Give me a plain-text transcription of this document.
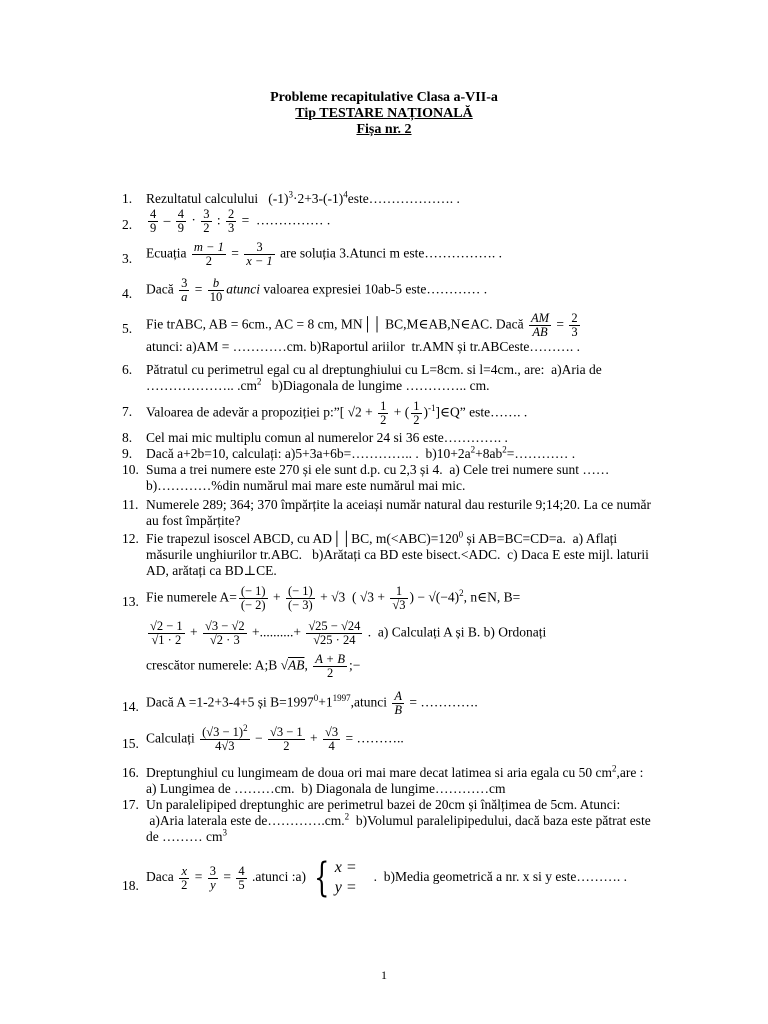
Probleme recapitulative Clasa a-VII-a
Tip TESTARE NAȚIONALĂ
Fișa nr. 2
1.	Rezultatul calculului   $(-1)^3\cdot 2+3-(-1)^4este\dots\dots\dots\dots\dots\dots$. .
2.	$\frac{4}{9} - \frac{4}{9} \cdot \frac{3}{2}$ : $\frac{2}{3}$ =  …………… .
3.	Ecuația $\frac{m - 1}{2} = \frac{3}{x - 1}$ are soluția 3.Atunci m este……………. .
4.	Dacă $\frac{3}{a} = \frac{b}{10}$ atunci valoarea expresiei 10ab-5 este………… .
5.	Fie trABC, AB = 6cm., AC = 8 cm, MN││ BC,M∈AB,N∈AC. Dacă $\frac{AM}{AB} = \frac{2}{3}$

atunci: a)AM = …………cm. b)Raportul ariilor  tr.AMN și tr.ABCeste………. .
6.	Pătratul cu perimetrul egal cu al dreptunghiului cu L=8cm. si l=4cm., are:  a)Aria de ……………….. $.cm^2$   b)Diagonala de lungime ………….. cm.
7.	Valoarea de adevăr a propoziției p:”[ $√2 + \frac{1}{2}$ + ( $\frac{1}{2}$ )$^{-1}$]∈Q” este……. .
8.	Cel mai mic multiplu comun al numerelor 24 si 36 este…………. .
9.	Dacă a+2b=10, calculați: a)5+3a+6b=………….. .  $b)10+2a^2+8ab^2=\dots\dots\dots\dots$ .
10. Suma a trei numere este 270 și ele sunt d.p. cu 2,3 și 4.  a) Cele trei numere sunt …… b)…………%din numărul mai mare este numărul mai mic.
11. Numerele 289; 364; 370 împărțite la aceiași număr natural dau resturile 9;14;20. La ce număr au fost împărțite?
12. Fie trapezul isoscel ABCD, cu AD││BC, $m(<ABC)=120^0$ și AB=BC=CD=a.  a) Aflați măsurile unghiurilor tr.ABC.   b)Arătați ca BD este bisect.<ADC.  c) Daca E este mijl. laturii AD, arătați ca BD⊥CE.
13. Fie numerele $A= \frac{(- 1)}{(- 2)} + \frac{(- 1)}{(- 3)} + √3$  ( $√3 + \frac{1}{√3}$ ) − $√(-4)^2$, n∈N, B=

$\frac{√2 - 1}{√1 \cdot 2} + \frac{√3 - √2}{√2 \cdot 3}$ +..........+ $\frac{√25 - √24}{√25 \cdot 24}$ .  a) Calculați A și B. b) Ordonați

crescător numerele: A;B √AB, $\frac{A + B}{2}$ ;−
14. Dacă A =1-2+3-4+5 și $B=1997^0+1^{1997},atunci \frac{A}{B}$ = ………….
15. Calculați $\frac{(√3 - 1)^2}{4√3} - \frac{√3 - 1}{2} + \frac{√3}{4}$ = ………..
16. Dreptunghiul cu lungimeam de doua ori mai mare decat latimea si aria egala cu 50 $cm^2,are$ : a) Lungimea de ………cm.  b) Diagonala de lungime…………cm
17. Un paralelipiped dreptunghic are perimetrul bazei de 20cm și înălțimea de 5cm. Atunci:  a)Aria laterala este de………….cm.$^2$  b)Volumul paralelipipedului, dacă baza este pătrat este de ……… $cm^3$
18.
Daca $\frac{x}{2} = \frac{3}{y} = \frac{4}{5}$ .atunci :a) { x =
y =     .  b)Media geometrică a nr. x si y este………. .
1
